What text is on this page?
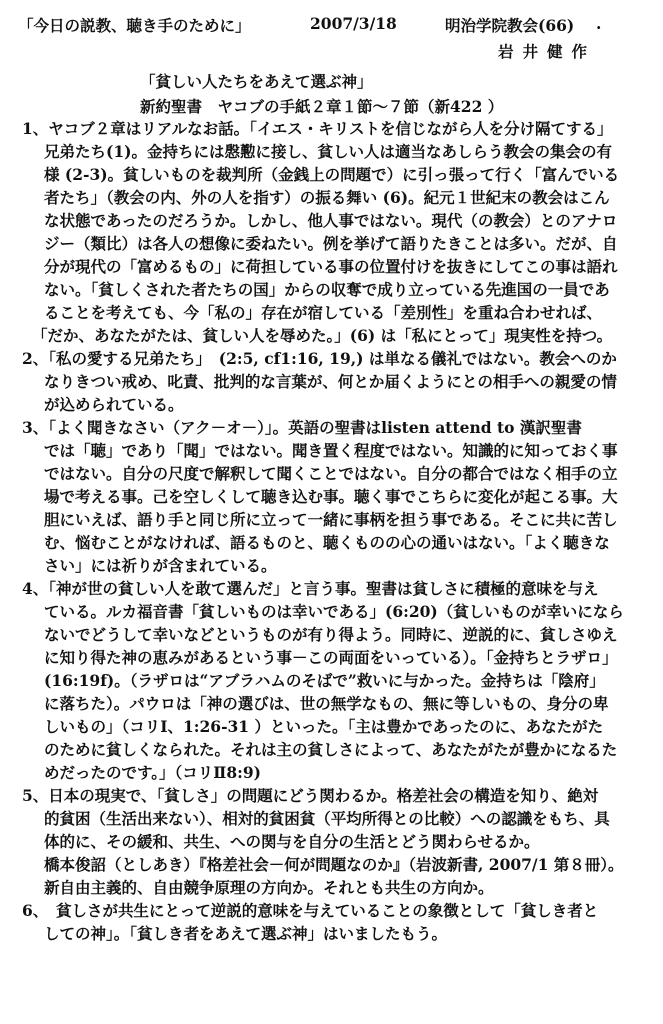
「今日の説教、聴き手のために」	2007/3/18	明治学院教会(66) .
岩井健作
「貧しい人たちをあえて選ぶ神」
新約聖書　ヤコブの手紙２章１節〜７節（新422 ）
1、ヤコブ２章はリアルなお話。「イエス・キリストを信じながら人を分け隔てする」
兄弟たち(1)。金持ちには慇懃に接し、貧しい人は適当なあしらう教会の集会の有
様 (2-3)。貧しいものを裁判所（金銭上の問題で）に引っ張って行く「富んでいる
者たち」（教会の内、外の人を指す）の振る舞い (6)。紀元１世紀末の教会はこん
な状態であったのだろうか。しかし、他人事ではない。現代（の教会）とのアナロ
ジー（類比）は各人の想像に委ねたい。例を挙げて語りたきことは多い。だが、自
分が現代の「富めるもの」に荷担している事の位置付けを抜きにしてこの事は語れ
ない。「貧しくされた者たちの国」からの収奪で成り立っている先進国の一員であ
ることを考えても、今「私の」存在が宿している「差別性」を重ね合わせれば、
「だか、あなたがたは、貧しい人を辱めた。」(6) は「私にとって」現実性を持つ。
2、「私の愛する兄弟たち」　(2:5, cf1:16, 19,) は単なる儀礼ではない。教会へのか
なりきつい戒め、叱責、批判的な言葉が、何とか届くようにとの相手への親愛の情
が込められている。
3、「よく聞きなさい（アク－オ－）」。英語の聖書はlisten attend to 漢訳聖書
では「聴」であり「聞」ではない。聞き置く程度ではない。知識的に知っておく事
ではない。自分の尺度で解釈して聞くことではない。自分の都合ではなく相手の立
場で考える事。己を空しくして聴き込む事。聴く事でこちらに変化が起こる事。大
胆にいえば、語り手と同じ所に立って一緒に事柄を担う事である。そこに共に苦し
む、悩むことがなければ、語るものと、聴くものの心の通いはない。「よく聴きな
さい」には祈りが含まれている。
4、「神が世の貧しい人を敢て選んだ」と言う事。聖書は貧しさに積極的意味を与え
ている。ルカ福音書「貧しいものは幸いである」(6:20)（貧しいものが幸いになら
ないでどうして幸いなどというものが有り得よう。同時に、逆説的に、貧しさゆえ
に知り得た神の恵みがあるという事－この両面をいっている）。「金持ちとラザロ」
(16:19f)。（ラザロは“アブラハムのそばで”救いに与かった。金持ちは「陰府」
に落ちた）。パウロは「神の選びは、世の無学なもの、無に等しいもの、身分の卑
しいもの」（コリⅠ、1:26-31 ）といった。「主は豊かであったのに、あなたがた
のために貧しくなられた。それは主の貧しさによって、あなたがたが豊かになるた
めだったのです。」（コリⅡ8:9)
5、日本の現実で、「貧しさ」の問題にどう関わるか。格差社会の構造を知り、絶対
的貧困（生活出来ない）、相対的貧困貧（平均所得との比較）への認識をもち、具
体的に、その緩和、共生、への関与を自分の生活とどう関わらせるか。
橋本俊詔（としあき）『格差社会－何が問題なのか』（岩波新書, 2007/1 第８冊）。
新自由主義的、自由競争原理の方向か。それとも共生の方向か。
6、　貧しさが共生にとって逆説的意味を与えていることの象徴として「貧しき者と
しての神」。「貧しき者をあえて選ぶ神」はいましたもう。
